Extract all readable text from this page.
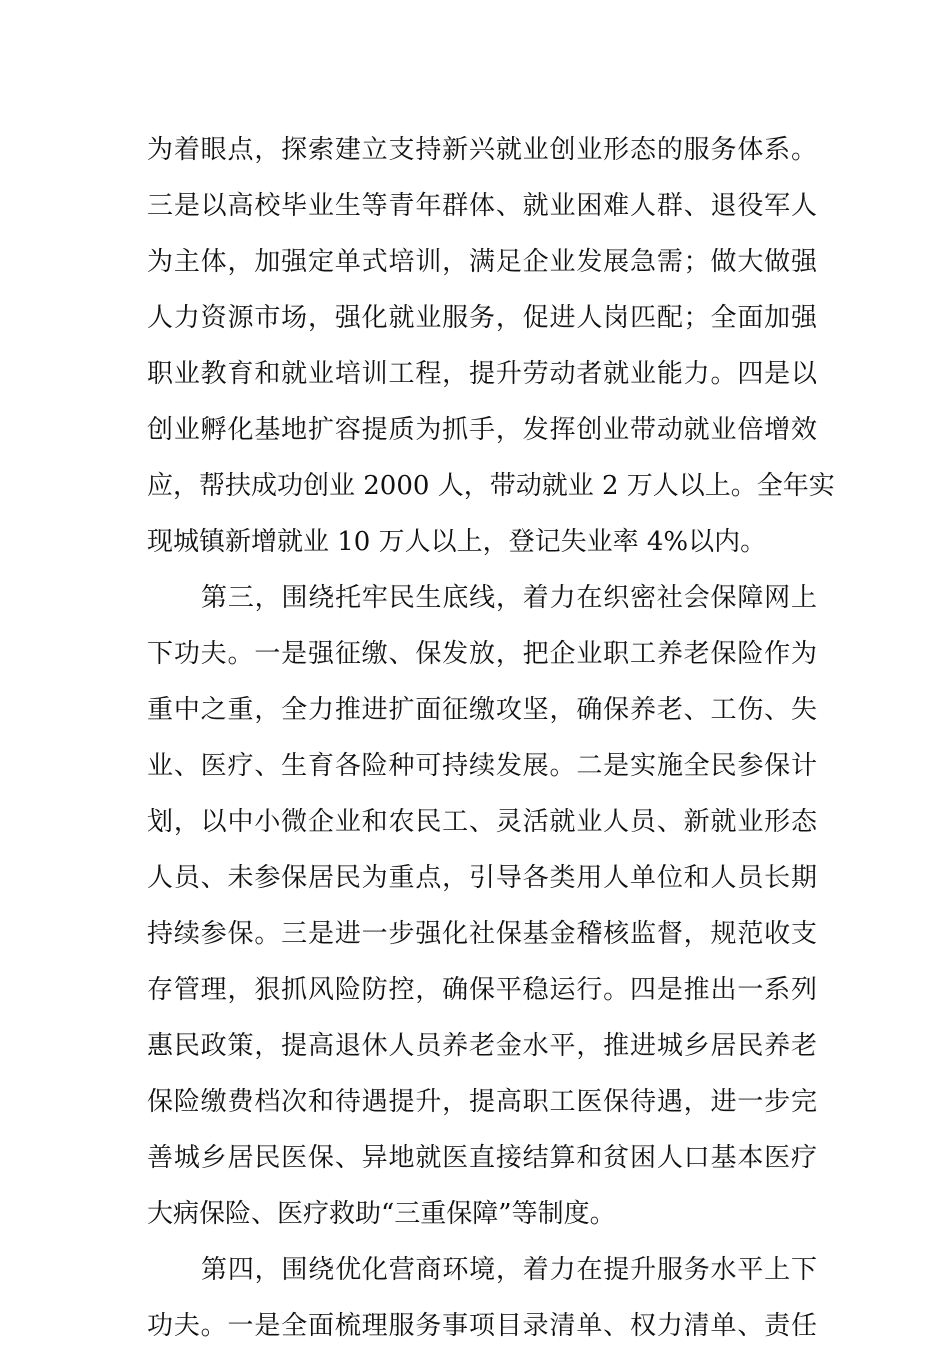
为着眼点，探索建立支持新兴就业创业形态的服务体系。
三是以高校毕业生等青年群体、就业困难人群、退役军人
为主体，加强定单式培训，满足企业发展急需；做大做强
人力资源市场，强化就业服务，促进人岗匹配；全面加强
职业教育和就业培训工程，提升劳动者就业能力。四是以
创业孵化基地扩容提质为抓手，发挥创业带动就业倍增效
应，帮扶成功创业 2000 人，带动就业 2 万人以上。全年实
现城镇新增就业 10 万人以上，登记失业率 4%以内。
第三，围绕托牢民生底线，着力在织密社会保障网上
下功夫。一是强征缴、保发放，把企业职工养老保险作为
重中之重，全力推进扩面征缴攻坚，确保养老、工伤、失
业、医疗、生育各险种可持续发展。二是实施全民参保计
划，以中小微企业和农民工、灵活就业人员、新就业形态
人员、未参保居民为重点，引导各类用人单位和人员长期
持续参保。三是进一步强化社保基金稽核监督，规范收支
存管理，狠抓风险防控，确保平稳运行。四是推出一系列
惠民政策，提高退休人员养老金水平，推进城乡居民养老
保险缴费档次和待遇提升，提高职工医保待遇，进一步完
善城乡居民医保、异地就医直接结算和贫困人口基本医疗
大病保险、医疗救助“三重保障”等制度。
第四，围绕优化营商环境，着力在提升服务水平上下
功夫。一是全面梳理服务事项目录清单、权力清单、责任
